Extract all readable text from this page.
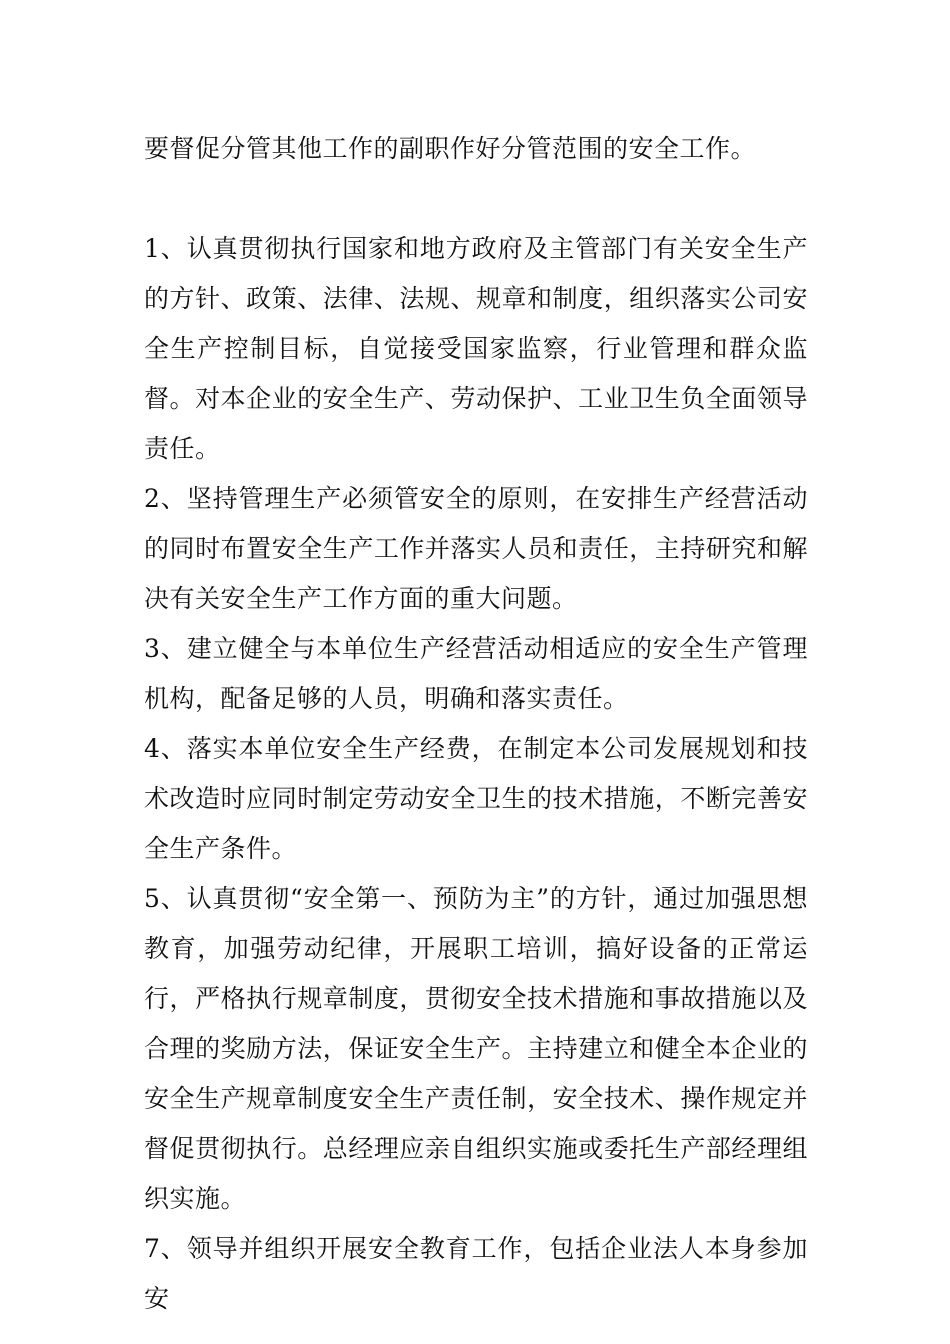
要督促分管其他工作的副职作好分管范围的安全工作。

1、认真贯彻执行国家和地方政府及主管部门有关安全生产的方针、政策、法律、法规、规章和制度，组织落实公司安全生产控制目标，自觉接受国家监察，行业管理和群众监督。对本企业的安全生产、劳动保护、工业卫生负全面领导责任。

2、坚持管理生产必须管安全的原则，在安排生产经营活动的同时布置安全生产工作并落实人员和责任，主持研究和解决有关安全生产工作方面的重大问题。

3、建立健全与本单位生产经营活动相适应的安全生产管理机构，配备足够的人员，明确和落实责任。

4、落实本单位安全生产经费，在制定本公司发展规划和技术改造时应同时制定劳动安全卫生的技术措施，不断完善安全生产条件。

5、认真贯彻“安全第一、预防为主”的方针，通过加强思想教育，加强劳动纪律，开展职工培训，搞好设备的正常运行，严格执行规章制度，贯彻安全技术措施和事故措施以及合理的奖励方法，保证安全生产。主持建立和健全本企业的安全生产规章制度安全生产责任制，安全技术、操作规定并督促贯彻执行。总经理应亲自组织实施或委托生产部经理组织实施。

7、领导并组织开展安全教育工作，包括企业法人本身参加安
